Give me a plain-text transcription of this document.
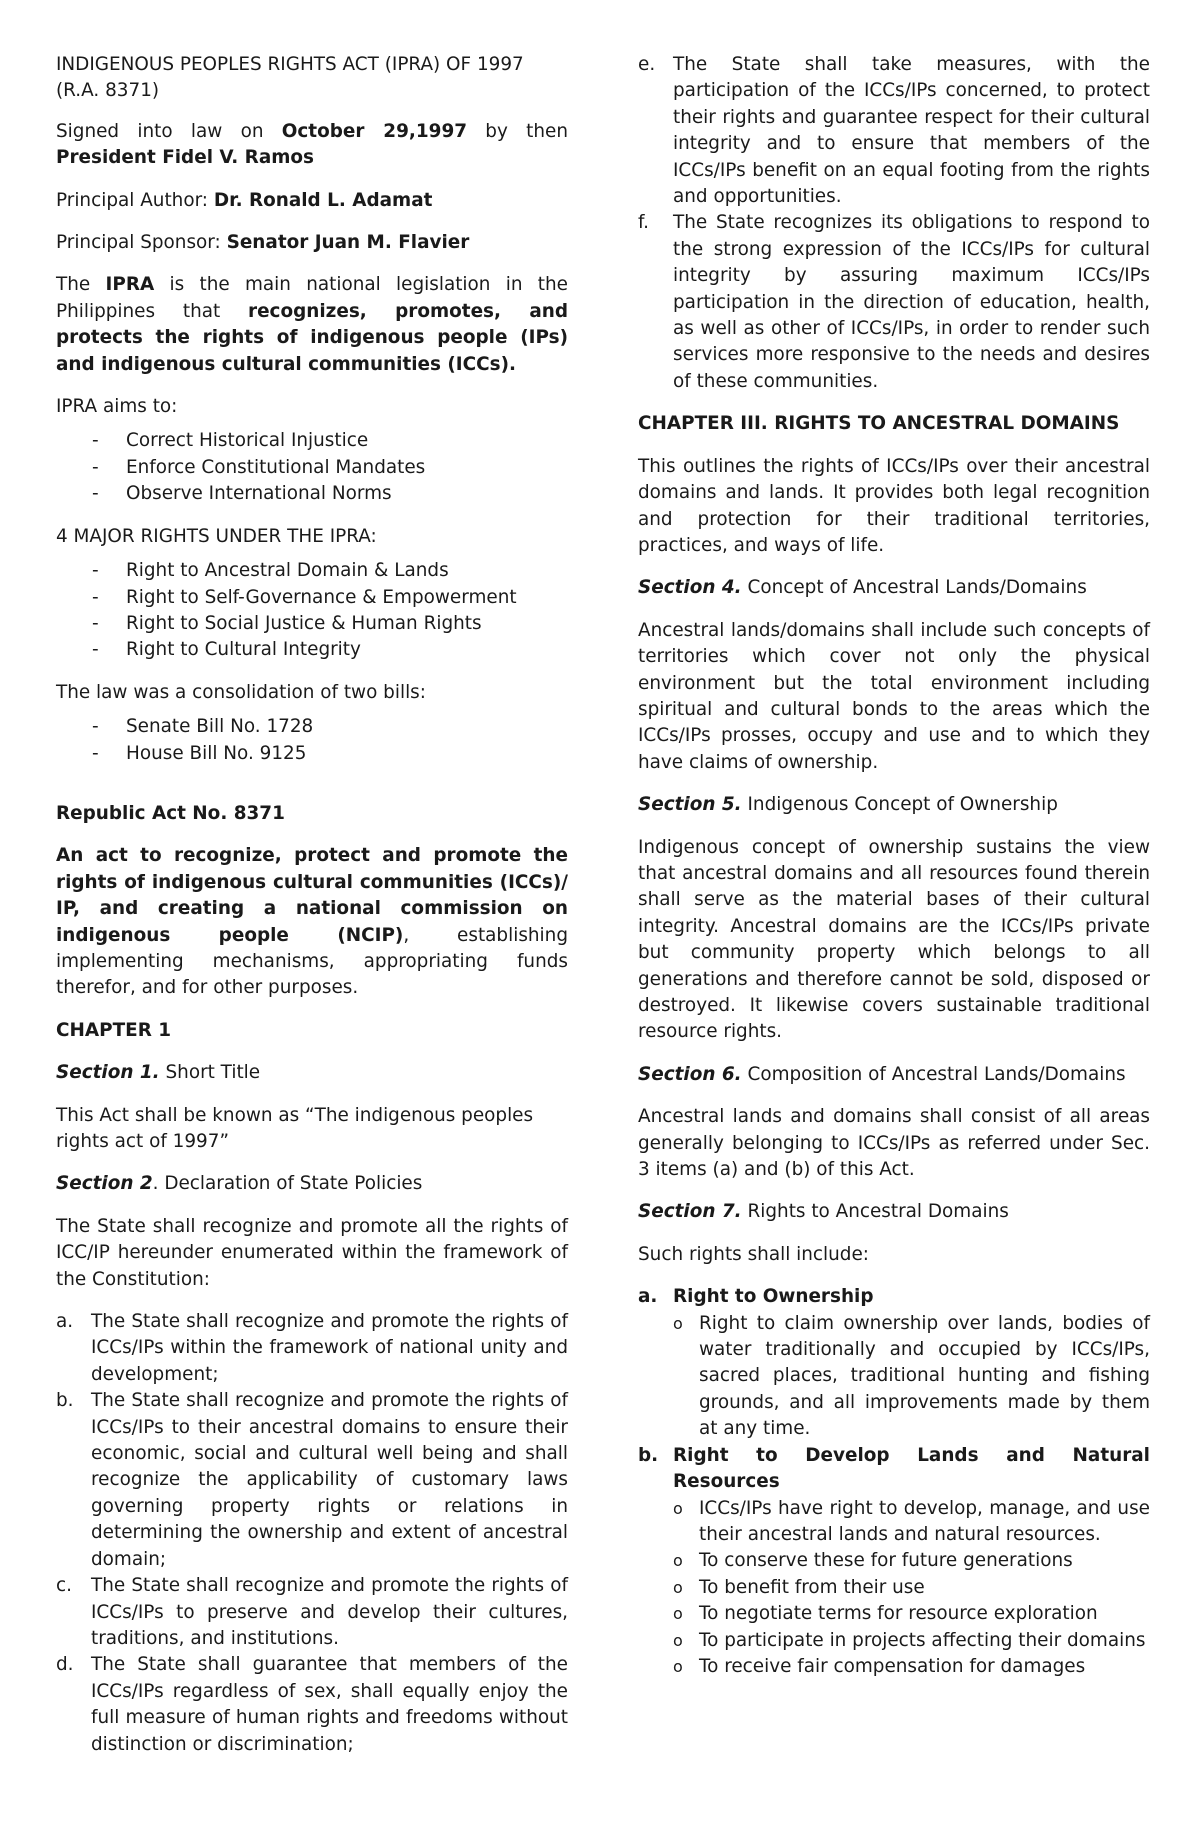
INDIGENOUS PEOPLES RIGHTS ACT (IPRA) OF 1997
(R.A. 8371)

Signed into law on October 29,1997 by then President Fidel V. Ramos

Principal Author: Dr. Ronald L. Adamat

Principal Sponsor: Senator Juan M. Flavier

The IPRA is the main national legislation in the Philippines that recognizes, promotes, and protects the rights of indigenous people (IPs) and indigenous cultural communities (ICCs).

IPRA aims to:

- Correct Historical Injustice
- Enforce Constitutional Mandates
- Observe International Norms

4 MAJOR RIGHTS UNDER THE IPRA:

- Right to Ancestral Domain & Lands
- Right to Self-Governance & Empowerment
- Right to Social Justice & Human Rights
- Right to Cultural Integrity

The law was a consolidation of two bills:

- Senate Bill No. 1728
- House Bill No. 9125

Republic Act No. 8371

An act to recognize, protect and promote the rights of indigenous cultural communities (ICCs)/ IP, and creating a national commission on indigenous people (NCIP), establishing implementing mechanisms, appropriating funds therefor, and for other purposes.

CHAPTER 1

Section 1. Short Title

This Act shall be known as “The indigenous peoples rights act of 1997”

Section 2. Declaration of State Policies

The State shall recognize and promote all the rights of ICC/IP hereunder enumerated within the framework of the Constitution:

a. The State shall recognize and promote the rights of ICCs/IPs within the framework of national unity and development;
b. The State shall recognize and promote the rights of ICCs/IPs to their ancestral domains to ensure their economic, social and cultural well being and shall recognize the applicability of customary laws governing property rights or relations in determining the ownership and extent of ancestral domain;
c. The State shall recognize and promote the rights of ICCs/IPs to preserve and develop their cultures, traditions, and institutions.
d. The State shall guarantee that members of the ICCs/IPs regardless of sex, shall equally enjoy the full measure of human rights and freedoms without distinction or discrimination;
e. The State shall take measures, with the participation of the ICCs/IPs concerned, to protect their rights and guarantee respect for their cultural integrity and to ensure that members of the ICCs/IPs benefit on an equal footing from the rights and opportunities.
f. The State recognizes its obligations to respond to the strong expression of the ICCs/IPs for cultural integrity by assuring maximum ICCs/IPs participation in the direction of education, health, as well as other of ICCs/IPs, in order to render such services more responsive to the needs and desires of these communities.

CHAPTER III. RIGHTS TO ANCESTRAL DOMAINS

This outlines the rights of ICCs/IPs over their ancestral domains and lands. It provides both legal recognition and protection for their traditional territories, practices, and ways of life.

Section 4. Concept of Ancestral Lands/Domains

Ancestral lands/domains shall include such concepts of territories which cover not only the physical environment but the total environment including spiritual and cultural bonds to the areas which the ICCs/IPs prosses, occupy and use and to which they have claims of ownership.

Section 5. Indigenous Concept of Ownership

Indigenous concept of ownership sustains the view that ancestral domains and all resources found therein shall serve as the material bases of their cultural integrity. Ancestral domains are the ICCs/IPs private but community property which belongs to all generations and therefore cannot be sold, disposed or destroyed. It likewise covers sustainable traditional resource rights.

Section 6. Composition of Ancestral Lands/Domains

Ancestral lands and domains shall consist of all areas generally belonging to ICCs/IPs as referred under Sec. 3 items (a) and (b) of this Act.

Section 7. Rights to Ancestral Domains

Such rights shall include:

a. Right to Ownership
o Right to claim ownership over lands, bodies of water traditionally and occupied by ICCs/IPs, sacred places, traditional hunting and fishing grounds, and all improvements made by them at any time.
b. Right to Develop Lands and Natural Resources
o ICCs/IPs have right to develop, manage, and use their ancestral lands and natural resources.
o To conserve these for future generations
o To benefit from their use
o To negotiate terms for resource exploration
o To participate in projects affecting their domains
o To receive fair compensation for damages
